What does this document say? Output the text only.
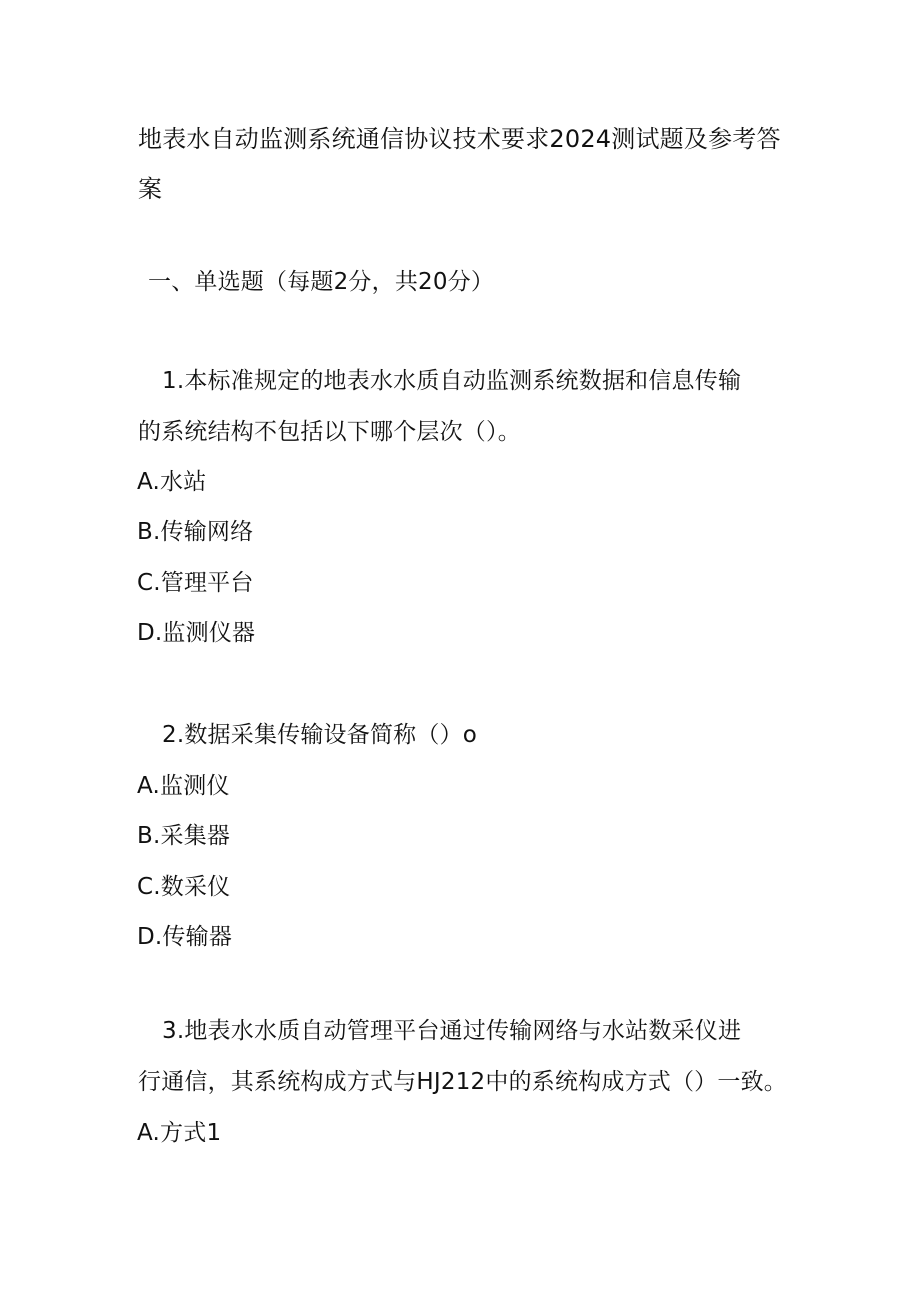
地表水自动监测系统通信协议技术要求2024测试题及参考答
案
一、单选题（每题2分，共20分）
1.本标准规定的地表水水质自动监测系统数据和信息传输
的系统结构不包括以下哪个层次（）。
A.水站
B.传输网络
C.管理平台
D.监测仪器
2.数据采集传输设备简称（）o
A.监测仪
B.采集器
C.数采仪
D.传输器
3.地表水水质自动管理平台通过传输网络与水站数采仪进
行通信，其系统构成方式与HJ212中的系统构成方式（）一致。
A.方式1
